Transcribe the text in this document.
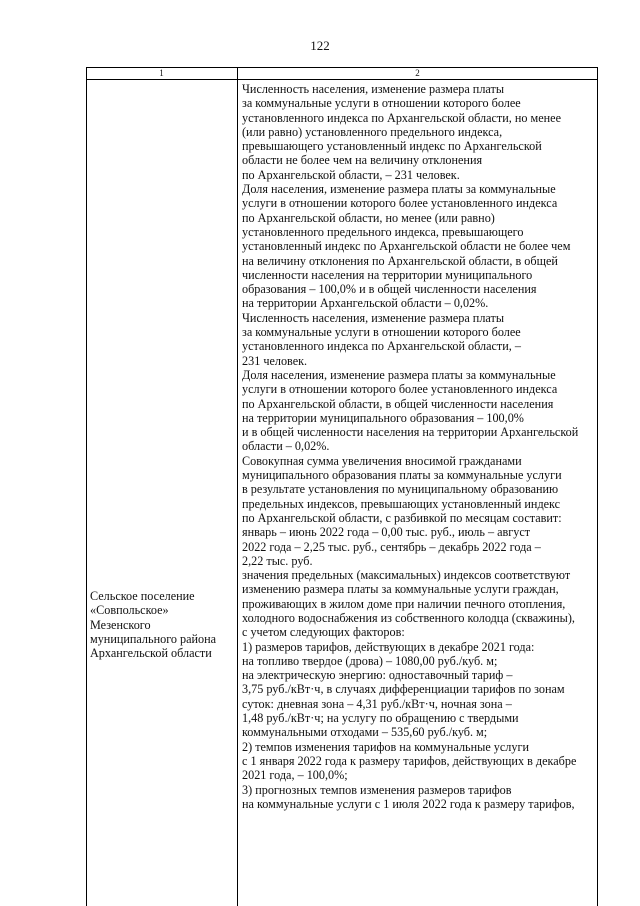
122
1	2
Численность населения, изменение размера платы
за коммунальные услуги в отношении которого более
установленного индекса по Архангельской области, но менее
(или равно) установленного предельного индекса,
превышающего установленный индекс по Архангельской
области не более чем на величину отклонения
по Архангельской области, – 231 человек.
Доля населения, изменение размера платы за коммунальные
услуги в отношении которого более установленного индекса
по Архангельской области, но менее (или равно)
установленного предельного индекса, превышающего
установленный индекс по Архангельской области не более чем
на величину отклонения по Архангельской области, в общей
численности населения на территории муниципального
образования – 100,0% и в общей численности населения
на территории Архангельской области – 0,02%.
Численность населения, изменение размера платы
за коммунальные услуги в отношении которого более
установленного индекса по Архангельской области, –
231 человек.
Доля населения, изменение размера платы за коммунальные
услуги в отношении которого более установленного индекса
по Архангельской области, в общей численности населения
на территории муниципального образования – 100,0%
и в общей численности населения на территории Архангельской
области – 0,02%.
Совокупная сумма увеличения вносимой гражданами
муниципального образования платы за коммунальные услуги
в результате установления по муниципальному образованию
предельных индексов, превышающих установленный индекс
по Архангельской области, с разбивкой по месяцам составит:
январь – июнь 2022 года – 0,00 тыс. руб., июль – август
2022 года – 2,25 тыс. руб., сентябрь – декабрь 2022 года –
2,22 тыс. руб.
значения предельных (максимальных) индексов соответствуют
изменению размера платы за коммунальные услуги граждан,
проживающих в жилом доме при наличии печного отопления,
холодного водоснабжения из собственного колодца (скважины),
с учетом следующих факторов:
1) размеров тарифов, действующих в декабре 2021 года:
на топливо твердое (дрова) – 1080,00 руб./куб. м;
на электрическую энергию: одноставочный тариф –
3,75 руб./кВт·ч, в случаях дифференциации тарифов по зонам
суток: дневная зона – 4,31 руб./кВт·ч, ночная зона –
1,48 руб./кВт·ч; на услугу по обращению с твердыми
коммунальными отходами – 535,60 руб./куб. м;
2) темпов изменения тарифов на коммунальные услуги
с 1 января 2022 года к размеру тарифов, действующих в декабре
2021 года, – 100,0%;
3) прогнозных темпов изменения размеров тарифов
на коммунальные услуги с 1 июля 2022 года к размеру тарифов,
Сельское поселение
«Совпольское»
Мезенского
муниципального района
Архангельской области
